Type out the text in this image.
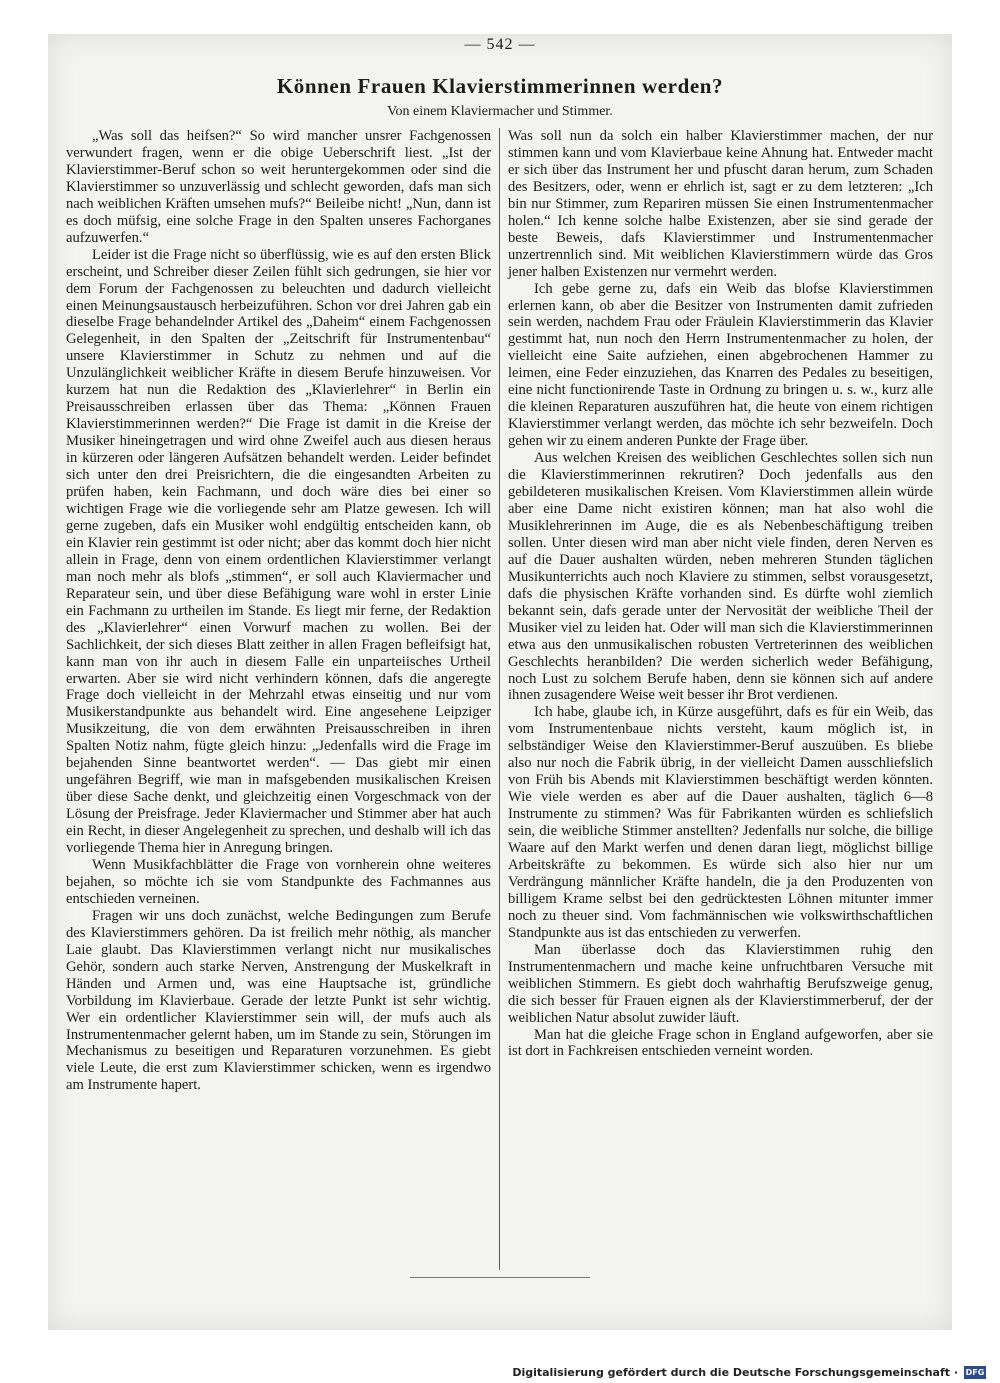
— 542 —
Können Frauen Klavierstimmerinnen werden?
Von einem Klaviermacher und Stimmer.

„Was soll das heifsen?“ So wird mancher unsrer Fachgenossen verwundert fragen, wenn er die obige Ueberschrift liest. „Ist der Klavierstimmer-Beruf schon so weit heruntergekommen oder sind die Klavierstimmer so unzuverlässig und schlecht geworden, dafs man sich nach weiblichen Kräften umsehen mufs?“ Beileibe nicht! „Nun, dann ist es doch müfsig, eine solche Frage in den Spalten unseres Fachorganes aufzuwerfen.“

Leider ist die Frage nicht so überflüssig, wie es auf den ersten Blick erscheint, und Schreiber dieser Zeilen fühlt sich gedrungen, sie hier vor dem Forum der Fachgenossen zu beleuchten und dadurch vielleicht einen Meinungsaustausch herbeizuführen. Schon vor drei Jahren gab ein dieselbe Frage behandelnder Artikel des „Daheim“ einem Fachgenossen Gelegenheit, in den Spalten der „Zeitschrift für Instrumentenbau“ unsere Klavierstimmer in Schutz zu nehmen und auf die Unzulänglichkeit weiblicher Kräfte in diesem Berufe hinzuweisen. Vor kurzem hat nun die Redaktion des „Klavierlehrer“ in Berlin ein Preisausschreiben erlassen über das Thema: „Können Frauen Klavierstimmerinnen werden?“ Die Frage ist damit in die Kreise der Musiker hineingetragen und wird ohne Zweifel auch aus diesen heraus in kürzeren oder längeren Aufsätzen behandelt werden. Leider befindet sich unter den drei Preisrichtern, die die eingesandten Arbeiten zu prüfen haben, kein Fachmann, und doch wäre dies bei einer so wichtigen Frage wie die vorliegende sehr am Platze gewesen. Ich will gerne zugeben, dafs ein Musiker wohl endgültig entscheiden kann, ob ein Klavier rein gestimmt ist oder nicht; aber das kommt doch hier nicht allein in Frage, denn von einem ordentlichen Klavierstimmer verlangt man noch mehr als blofs „stimmen“, er soll auch Klaviermacher und Reparateur sein, und über diese Befähigung ware wohl in erster Linie ein Fachmann zu urtheilen im Stande. Es liegt mir ferne, der Redaktion des „Klavierlehrer“ einen Vorwurf machen zu wollen. Bei der Sachlichkeit, der sich dieses Blatt zeither in allen Fragen befleifsigt hat, kann man von ihr auch in diesem Falle ein unparteiisches Urtheil erwarten. Aber sie wird nicht verhindern können, dafs die angeregte Frage doch vielleicht in der Mehrzahl etwas einseitig und nur vom Musikerstandpunkte aus behandelt wird. Eine angesehene Leipziger Musikzeitung, die von dem erwähnten Preisausschreiben in ihren Spalten Notiz nahm, fügte gleich hinzu: „Jedenfalls wird die Frage im bejahenden Sinne beantwortet werden“. — Das giebt mir einen ungefähren Begriff, wie man in mafsgebenden musikalischen Kreisen über diese Sache denkt, und gleichzeitig einen Vorgeschmack von der Lösung der Preisfrage. Jeder Klaviermacher und Stimmer aber hat auch ein Recht, in dieser Angelegenheit zu sprechen, und deshalb will ich das vorliegende Thema hier in Anregung bringen.

Wenn Musikfachblätter die Frage von vornherein ohne weiteres bejahen, so möchte ich sie vom Standpunkte des Fachmannes aus entschieden verneinen.

Fragen wir uns doch zunächst, welche Bedingungen zum Berufe des Klavierstimmers gehören. Da ist freilich mehr nöthig, als mancher Laie glaubt. Das Klavierstimmen verlangt nicht nur musikalisches Gehör, sondern auch starke Nerven, Anstrengung der Muskelkraft in Händen und Armen und, was eine Hauptsache ist, gründliche Vorbildung im Klavierbaue. Gerade der letzte Punkt ist sehr wichtig. Wer ein ordentlicher Klavierstimmer sein will, der mufs auch als Instrumentenmacher gelernt haben, um im Stande zu sein, Störungen im Mechanismus zu beseitigen und Reparaturen vorzunehmen. Es giebt viele Leute, die erst zum Klavierstimmer schicken, wenn es irgendwo am Instrumente hapert.

Was soll nun da solch ein halber Klavierstimmer machen, der nur stimmen kann und vom Klavierbaue keine Ahnung hat. Entweder macht er sich über das Instrument her und pfuscht daran herum, zum Schaden des Besitzers, oder, wenn er ehrlich ist, sagt er zu dem letzteren: „Ich bin nur Stimmer, zum Repariren müssen Sie einen Instrumentenmacher holen.“ Ich kenne solche halbe Existenzen, aber sie sind gerade der beste Beweis, dafs Klavierstimmer und Instrumentenmacher unzertrennlich sind. Mit weiblichen Klavierstimmern würde das Gros jener halben Existenzen nur vermehrt werden.

Ich gebe gerne zu, dafs ein Weib das blofse Klavierstimmen erlernen kann, ob aber die Besitzer von Instrumenten damit zufrieden sein werden, nachdem Frau oder Fräulein Klavierstimmerin das Klavier gestimmt hat, nun noch den Herrn Instrumentenmacher zu holen, der vielleicht eine Saite aufziehen, einen abgebrochenen Hammer zu leimen, eine Feder einzuziehen, das Knarren des Pedales zu beseitigen, eine nicht functionirende Taste in Ordnung zu bringen u. s. w., kurz alle die kleinen Reparaturen auszuführen hat, die heute von einem richtigen Klavierstimmer verlangt werden, das möchte ich sehr bezweifeln. Doch gehen wir zu einem anderen Punkte der Frage über.

Aus welchen Kreisen des weiblichen Geschlechtes sollen sich nun die Klavierstimmerinnen rekrutiren? Doch jedenfalls aus den gebildeteren musikalischen Kreisen. Vom Klavierstimmen allein würde aber eine Dame nicht existiren können; man hat also wohl die Musiklehrerinnen im Auge, die es als Nebenbeschäftigung treiben sollen. Unter diesen wird man aber nicht viele finden, deren Nerven es auf die Dauer aushalten würden, neben mehreren Stunden täglichen Musikunterrichts auch noch Klaviere zu stimmen, selbst vorausgesetzt, dafs die physischen Kräfte vorhanden sind. Es dürfte wohl ziemlich bekannt sein, dafs gerade unter der Nervosität der weibliche Theil der Musiker viel zu leiden hat. Oder will man sich die Klavierstimmerinnen etwa aus den unmusikalischen robusten Vertreterinnen des weiblichen Geschlechts heranbilden? Die werden sicherlich weder Befähigung, noch Lust zu solchem Berufe haben, denn sie können sich auf andere ihnen zusagendere Weise weit besser ihr Brot verdienen.

Ich habe, glaube ich, in Kürze ausgeführt, dafs es für ein Weib, das vom Instrumentenbaue nichts versteht, kaum möglich ist, in selbständiger Weise den Klavierstimmer-Beruf auszuüben. Es bliebe also nur noch die Fabrik übrig, in der vielleicht Damen ausschliefslich von Früh bis Abends mit Klavierstimmen beschäftigt werden könnten. Wie viele werden es aber auf die Dauer aushalten, täglich 6—8 Instrumente zu stimmen? Was für Fabrikanten würden es schliefslich sein, die weibliche Stimmer anstellten? Jedenfalls nur solche, die billige Waare auf den Markt werfen und denen daran liegt, möglichst billige Arbeitskräfte zu bekommen. Es würde sich also hier nur um Verdrängung männlicher Kräfte handeln, die ja den Produzenten von billigem Krame selbst bei den gedrücktesten Löhnen mitunter immer noch zu theuer sind. Vom fachmännischen wie volkswirthschaftlichen Standpunkte aus ist das entschieden zu verwerfen.

Man überlasse doch das Klavierstimmen ruhig den Instrumentenmachern und mache keine unfruchtbaren Versuche mit weiblichen Stimmern. Es giebt doch wahrhaftig Berufszweige genug, die sich besser für Frauen eignen als der Klavierstimmerberuf, der der weiblichen Natur absolut zuwider läuft.

Man hat die gleiche Frage schon in England aufgeworfen, aber sie ist dort in Fachkreisen entschieden verneint worden.

Digitalisierung gefördert durch die Deutsche Forschungsgemeinschaft · DFG
